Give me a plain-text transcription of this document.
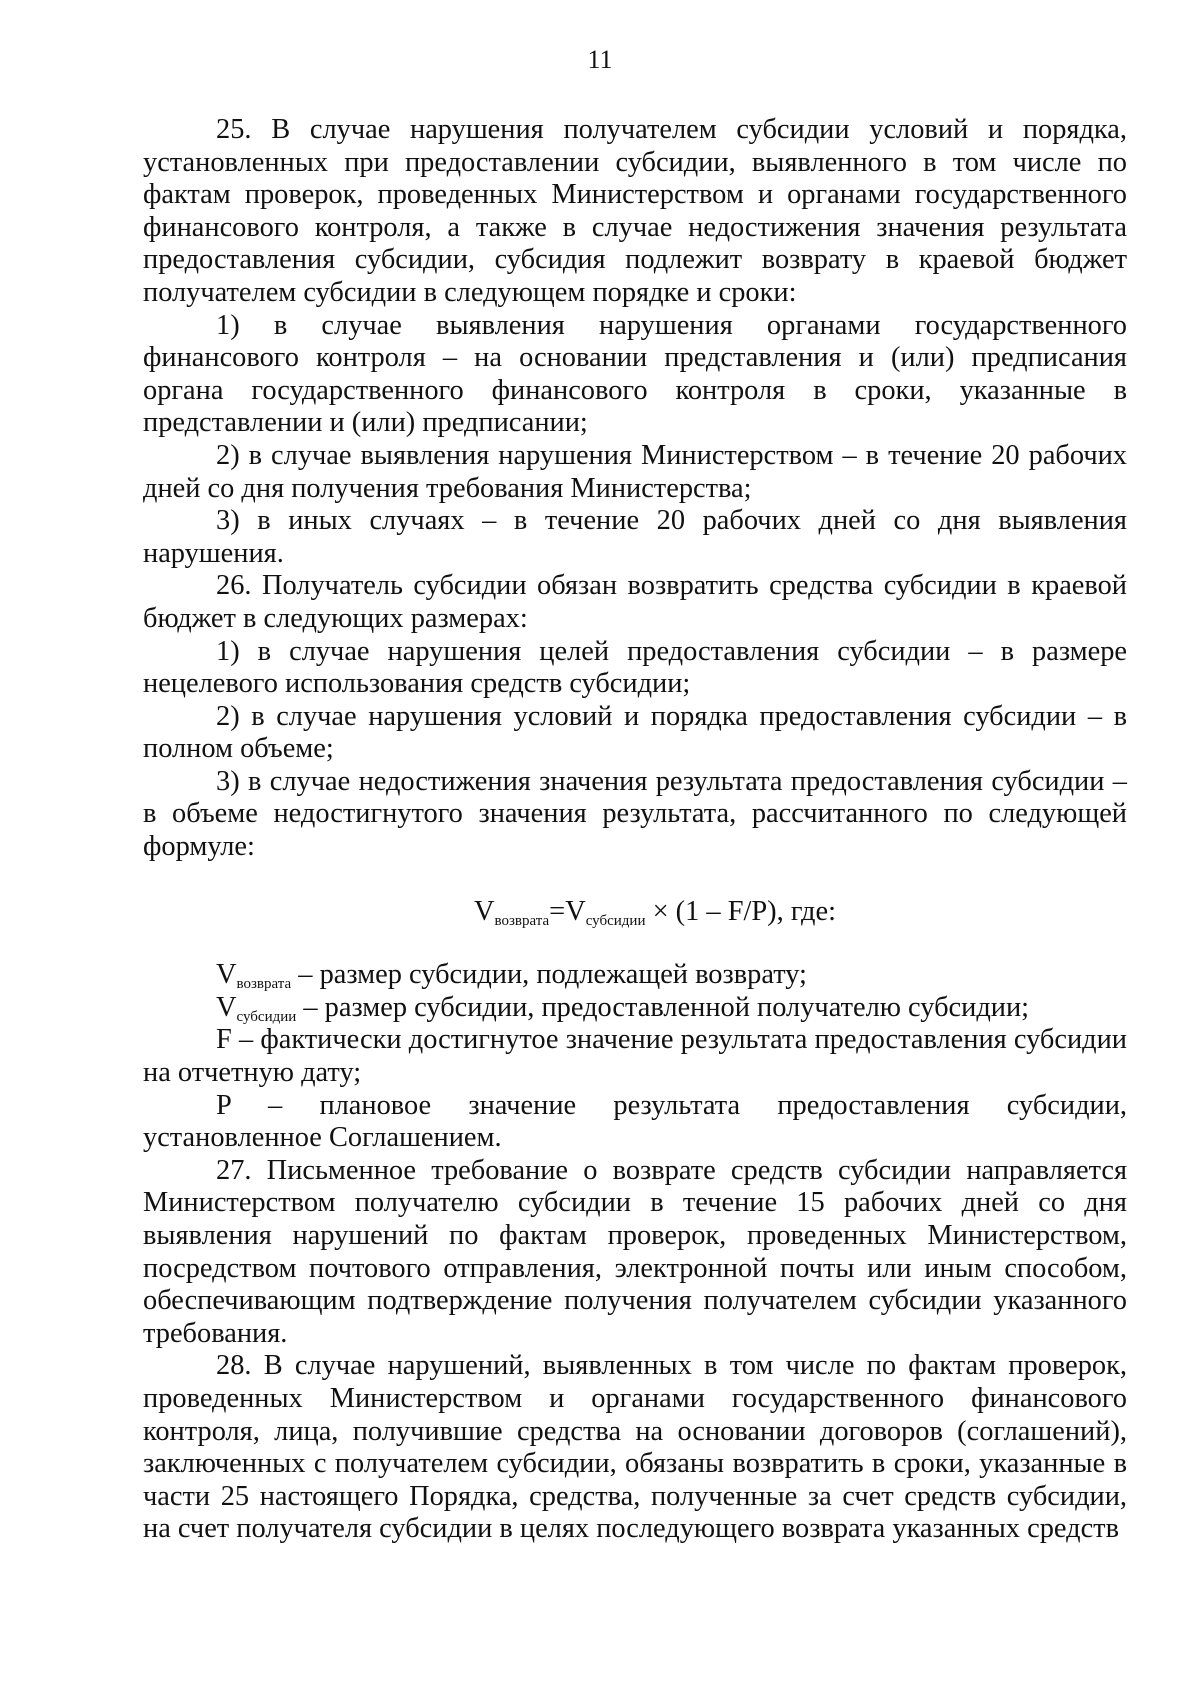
11

25. В случае нарушения получателем субсидии условий и порядка, установленных при предоставлении субсидии, выявленного в том числе по фактам проверок, проведенных Министерством и органами государственного финансового контроля, а также в случае недостижения значения результата предоставления субсидии, субсидия подлежит возврату в краевой бюджет получателем субсидии в следующем порядке и сроки:

1) в случае выявления нарушения органами государственного финансового контроля – на основании представления и (или) предписания органа государственного финансового контроля в сроки, указанные в представлении и (или) предписании;

2) в случае выявления нарушения Министерством – в течение 20 рабочих дней со дня получения требования Министерства;

3) в иных случаях – в течение 20 рабочих дней со дня выявления нарушения.

26. Получатель субсидии обязан возвратить средства субсидии в краевой бюджет в следующих размерах:

1) в случае нарушения целей предоставления субсидии – в размере нецелевого использования средств субсидии;

2) в случае нарушения условий и порядка предоставления субсидии – в полном объеме;

3) в случае недостижения значения результата предоставления субсидии – в объеме недостигнутого значения результата, рассчитанного по следующей формуле:

$V_{возврата}=V_{субсидии} \times (1 - F/P)$, где:

$V_{возврата}$ – размер субсидии, подлежащей возврату;

$V_{субсидии}$ – размер субсидии, предоставленной получателю субсидии;

F – фактически достигнутое значение результата предоставления субсидии на отчетную дату;

P – плановое значение результата предоставления субсидии, установленное Соглашением.

27. Письменное требование о возврате средств субсидии направляется Министерством получателю субсидии в течение 15 рабочих дней со дня выявления нарушений по фактам проверок, проведенных Министерством, посредством почтового отправления, электронной почты или иным способом, обеспечивающим подтверждение получения получателем субсидии указанного требования.

28. В случае нарушений, выявленных в том числе по фактам проверок, проведенных Министерством и органами государственного финансового контроля, лица, получившие средства на основании договоров (соглашений), заключенных с получателем субсидии, обязаны возвратить в сроки, указанные в части 25 настоящего Порядка, средства, полученные за счет средств субсидии, на счет получателя субсидии в целях последующего возврата указанных средств
